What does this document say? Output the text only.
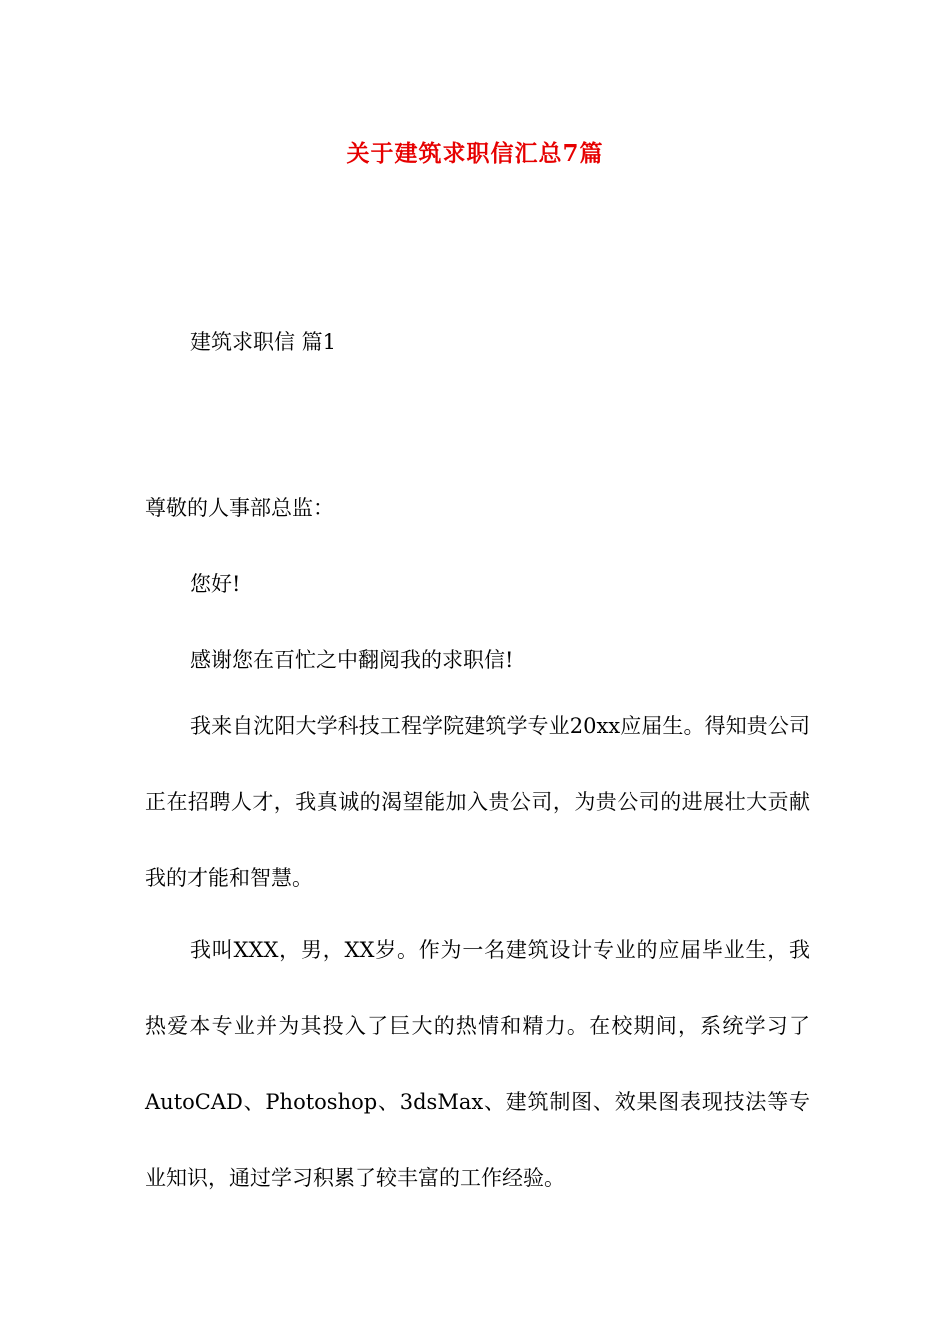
关于建筑求职信汇总7篇
建筑求职信 篇1
尊敬的人事部总监：
您好!
感谢您在百忙之中翻阅我的求职信!
我来自沈阳大学科技工程学院建筑学专业20xx应届生。得知贵公司正在招聘人才，我真诚的渴望能加入贵公司，为贵公司的进展壮大贡献我的才能和智慧。
我叫XXX，男，XX岁。作为一名建筑设计专业的应届毕业生，我热爱本专业并为其投入了巨大的热情和精力。在校期间，系统学习了AutoCAD、Photoshop、3dsMax、建筑制图、效果图表现技法等专业知识，通过学习积累了较丰富的工作经验。
